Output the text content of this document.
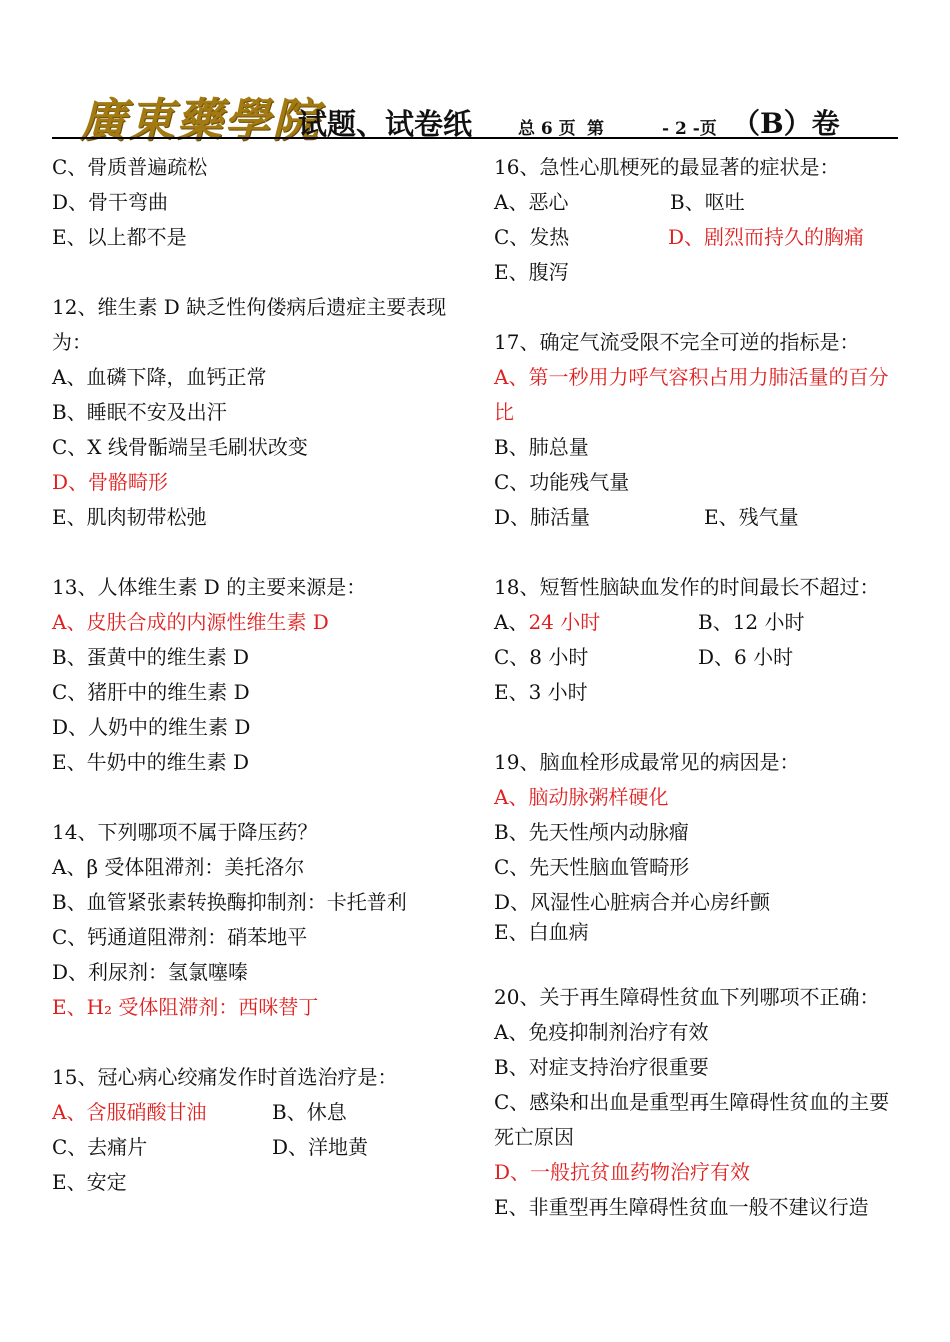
廣東藥學院
试题、试卷纸	总 6 页 第	- 2 -页 （B）卷
C、骨质普遍疏松
D、骨干弯曲
E、以上都不是
12、维生素 D 缺乏性佝偻病后遗症主要表现为：
A、血磷下降，血钙正常
B、睡眠不安及出汗
C、X 线骨骺端呈毛刷状改变
D、骨骼畸形
E、肌肉韧带松弛
13、人体维生素 D 的主要来源是：
A、皮肤合成的内源性维生素 D
B、蛋黄中的维生素 D
C、猪肝中的维生素 D
D、人奶中的维生素 D
E、牛奶中的维生素 D
14、下列哪项不属于降压药？
A、β 受体阻滞剂：美托洛尔
B、血管紧张素转换酶抑制剂：卡托普利
C、钙通道阻滞剂：硝苯地平
D、利尿剂：氢氯噻嗪
E、H₂ 受体阻滞剂：西咪替丁
15、冠心病心绞痛发作时首选治疗是：
A、含服硝酸甘油	B、休息
C、去痛片	D、洋地黄
E、安定
16、急性心肌梗死的最显著的症状是：
A、恶心	B、呕吐
C、发热	D、剧烈而持久的胸痛
E、腹泻
17、确定气流受限不完全可逆的指标是：
A、第一秒用力呼气容积占用力肺活量的百分比
B、肺总量
C、功能残气量
D、肺活量	E、残气量
18、短暂性脑缺血发作的时间最长不超过：
A、24 小时	B、12 小时
C、8 小时	D、6 小时
E、3 小时
19、脑血栓形成最常见的病因是：
A、脑动脉粥样硬化
B、先天性颅内动脉瘤
C、先天性脑血管畸形
D、风湿性心脏病合并心房纤颤
E、白血病
20、关于再生障碍性贫血下列哪项不正确：
A、免疫抑制剂治疗有效
B、对症支持治疗很重要
C、感染和出血是重型再生障碍性贫血的主要死亡原因
D、一般抗贫血药物治疗有效
E、非重型再生障碍性贫血一般不建议行造
